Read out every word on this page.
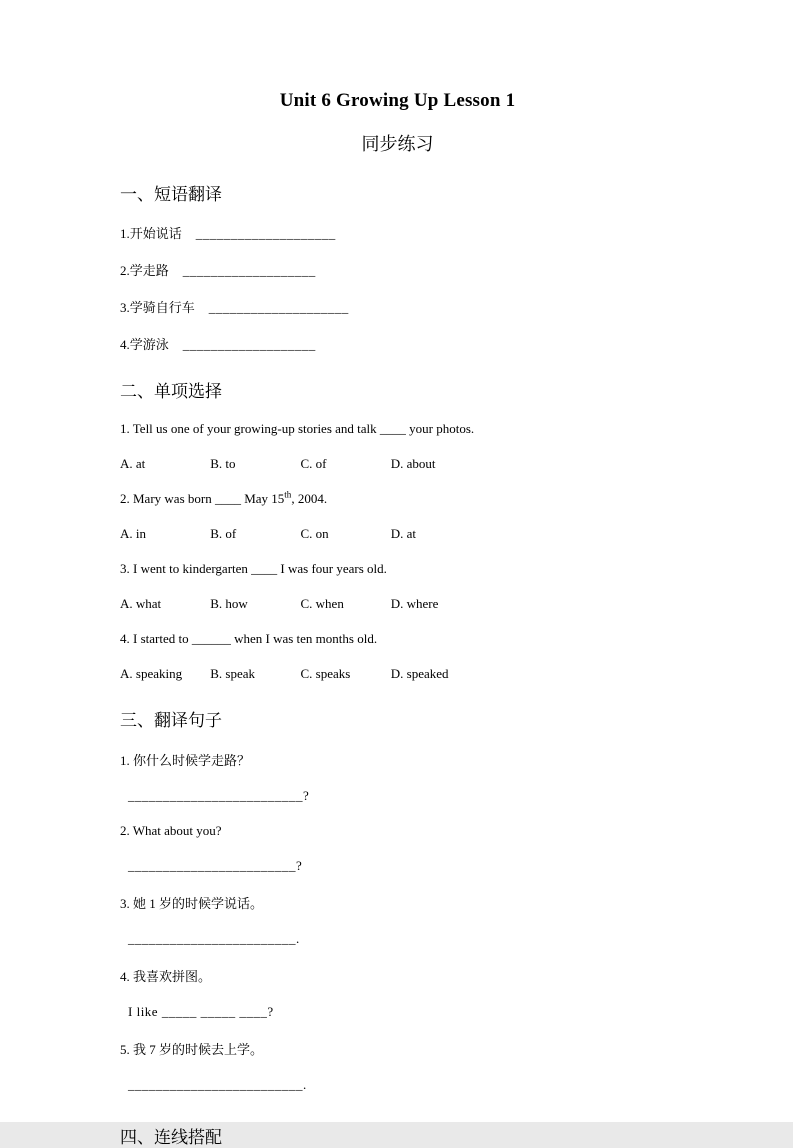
Unit 6 Growing Up Lesson 1
同步练习
一、短语翻译

1.开始说话 ____________________

2.学走路 ___________________

3.学骑自行车 ____________________

4.学游泳 ___________________

二、单项选择

1. Tell us one of your growing-up stories and talk ____ your photos.

A. at	B. to	C. of	D. about

2. Mary was born ____ May 15th, 2004.

A. in	B. of	C. on	D. at

3. I went to kindergarten ____ I was four years old.

A. what	B. how	C. when	D. where

4. I started to ______ when I was ten months old.

A. speaking B. speak	C. speaks	D. speaked

三、翻译句子

1. 你什么时候学走路？

_________________________?

2. What about you?

________________________?

3. 她 1 岁的时候学说话。

________________________.

4. 我喜欢拼图。

I like _____ _____ ____?

5. 我 7 岁的时候去上学。

_________________________.

四、连线搭配
